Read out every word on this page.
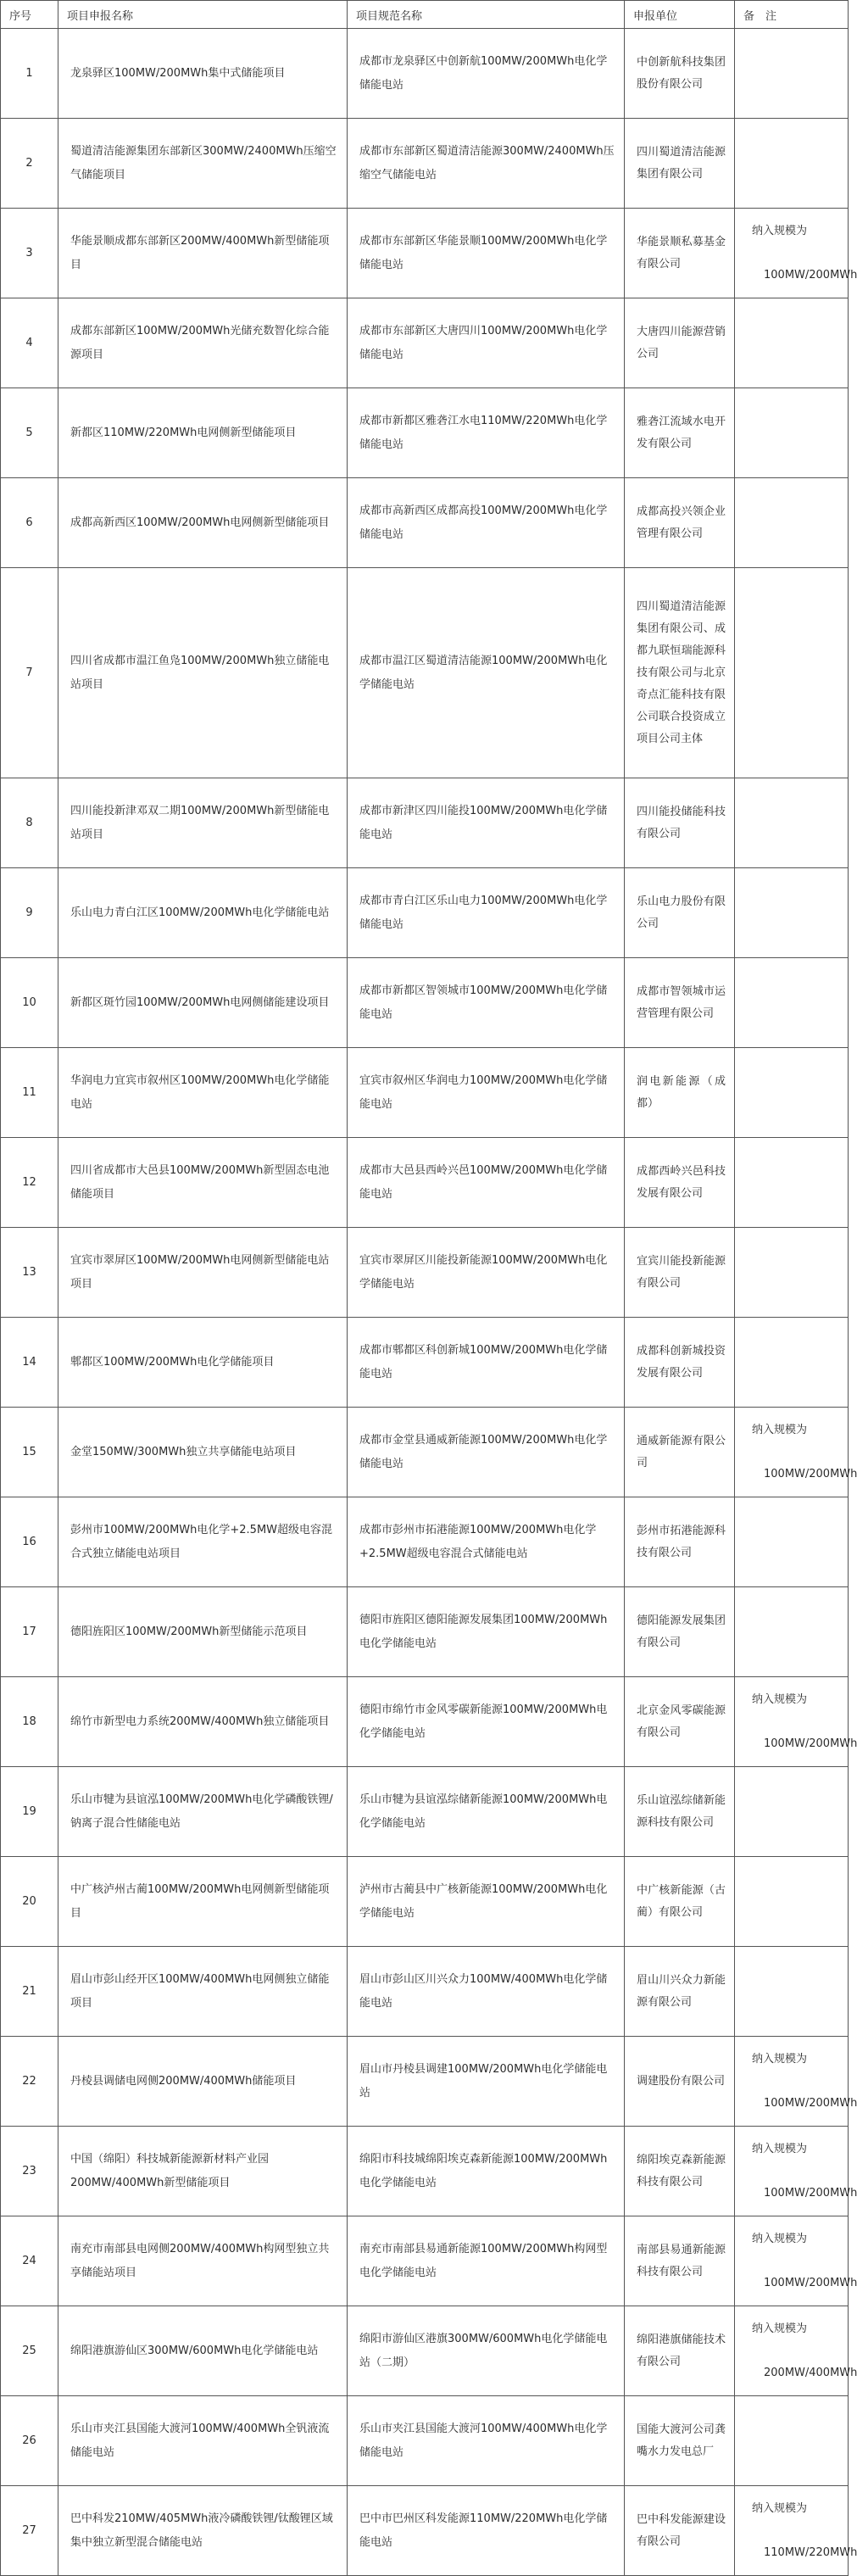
序号	项目申报名称	项目规范名称	申报单位	备　注
1	龙泉驿区100MW/200MWh集中式储能项目	成都市龙泉驿区中创新航100MW/200MWh电化学储能电站	中创新航科技集团股份有限公司	
2	蜀道清洁能源集团东部新区300MW/2400MWh压缩空气储能项目	成都市东部新区蜀道清洁能源300MW/2400MWh压缩空气储能电站	四川蜀道清洁能源集团有限公司	
3	华能景顺成都东部新区200MW/400MWh新型储能项目	成都市东部新区华能景顺100MW/200MWh电化学储能电站	华能景顺私募基金有限公司	纳入规模为
100MW/200MWh

4	成都东部新区100MW/200MWh光储充数智化综合能源项目	成都市东部新区大唐四川100MW/200MWh电化学储能电站	大唐四川能源营销公司	
5	新都区110MW/220MWh电网侧新型储能项目	成都市新都区雅砻江水电110MW/220MWh电化学储能电站	雅砻江流域水电开发有限公司	
6	成都高新西区100MW/200MWh电网侧新型储能项目	成都市高新西区成都高投100MW/200MWh电化学储能电站	成都高投兴领企业管理有限公司	
7	四川省成都市温江鱼凫100MW/200MWh独立储能电站项目	成都市温江区蜀道清洁能源100MW/200MWh电化学储能电站	四川蜀道清洁能源集团有限公司、成都九联恒瑞能源科技有限公司与北京奇点汇能科技有限公司联合投资成立项目公司主体	
8	四川能投新津邓双二期100MW/200MWh新型储能电站项目	成都市新津区四川能投100MW/200MWh电化学储能电站	四川能投储能科技有限公司	
9	乐山电力青白江区100MW/200MWh电化学储能电站	成都市青白江区乐山电力100MW/200MWh电化学储能电站	乐山电力股份有限公司	
10	新都区斑竹园100MW/200MWh电网侧储能建设项目	成都市新都区智领城市100MW/200MWh电化学储能电站	成都市智领城市运营管理有限公司	
11	华润电力宜宾市叙州区100MW/200MWh电化学储能电站	宜宾市叙州区华润电力100MW/200MWh电化学储能电站	润电新能源（成都）	
12	四川省成都市大邑县100MW/200MWh新型固态电池储能项目	成都市大邑县西岭兴邑100MW/200MWh电化学储能电站	成都西岭兴邑科技发展有限公司	
13	宜宾市翠屏区100MW/200MWh电网侧新型储能电站项目	宜宾市翠屏区川能投新能源100MW/200MWh电化学储能电站	宜宾川能投新能源有限公司	
14	郫都区100MW/200MWh电化学储能项目	成都市郫都区科创新城100MW/200MWh电化学储能电站	成都科创新城投资发展有限公司	
15	金堂150MW/300MWh独立共享储能电站项目	成都市金堂县通威新能源100MW/200MWh电化学储能电站	通威新能源有限公司	纳入规模为
100MW/200MWh

16	彭州市100MW/200MWh电化学+2.5MW超级电容混合式独立储能电站项目	成都市彭州市拓港能源100MW/200MWh电化学+2.5MW超级电容混合式储能电站	彭州市拓港能源科技有限公司	
17	德阳旌阳区100MW/200MWh新型储能示范项目	德阳市旌阳区德阳能源发展集团100MW/200MWh电化学储能电站	德阳能源发展集团有限公司	
18	绵竹市新型电力系统200MW/400MWh独立储能项目	德阳市绵竹市金风零碳新能源100MW/200MWh电化学储能电站	北京金风零碳能源有限公司	纳入规模为
100MW/200MWh

19	乐山市犍为县谊泓100MW/200MWh电化学磷酸铁锂/钠离子混合性储能电站	乐山市犍为县谊泓综储新能源100MW/200MWh电化学储能电站	乐山谊泓综储新能源科技有限公司	
20	中广核泸州古蔺100MW/200MWh电网侧新型储能项目	泸州市古蔺县中广核新能源100MW/200MWh电化学储能电站	中广核新能源（古蔺）有限公司	
21	眉山市彭山经开区100MW/400MWh电网侧独立储能项目	眉山市彭山区川兴众力100MW/400MWh电化学储能电站	眉山川兴众力新能源有限公司	
22	丹棱县调储电网侧200MW/400MWh储能项目	眉山市丹棱县调建100MW/200MWh电化学储能电站	调建股份有限公司	纳入规模为
100MW/200MWh

23	中国（绵阳）科技城新能源新材料产业园200MW/400MWh新型储能项目	绵阳市科技城绵阳埃克森新能源100MW/200MWh电化学储能电站	绵阳埃克森新能源科技有限公司	纳入规模为
100MW/200MWh

24	南充市南部县电网侧200MW/400MWh构网型独立共享储能站项目	南充市南部县易通新能源100MW/200MWh构网型电化学储能电站	南部县易通新能源科技有限公司	纳入规模为
100MW/200MWh

25	绵阳港旗游仙区300MW/600MWh电化学储能电站	绵阳市游仙区港旗300MW/600MWh电化学储能电站（二期）	绵阳港旗储能技术有限公司	纳入规模为
200MW/400MWh

26	乐山市夹江县国能大渡河100MW/400MWh全钒液流储能电站	乐山市夹江县国能大渡河100MW/400MWh电化学储能电站	国能大渡河公司龚嘴水力发电总厂	
27	巴中科发210MW/405MWh液冷磷酸铁锂/钛酸锂区域集中独立新型混合储能电站	巴中市巴州区科发能源110MW/220MWh电化学储能电站	巴中科发能源建设有限公司	纳入规模为
110MW/220MWh
